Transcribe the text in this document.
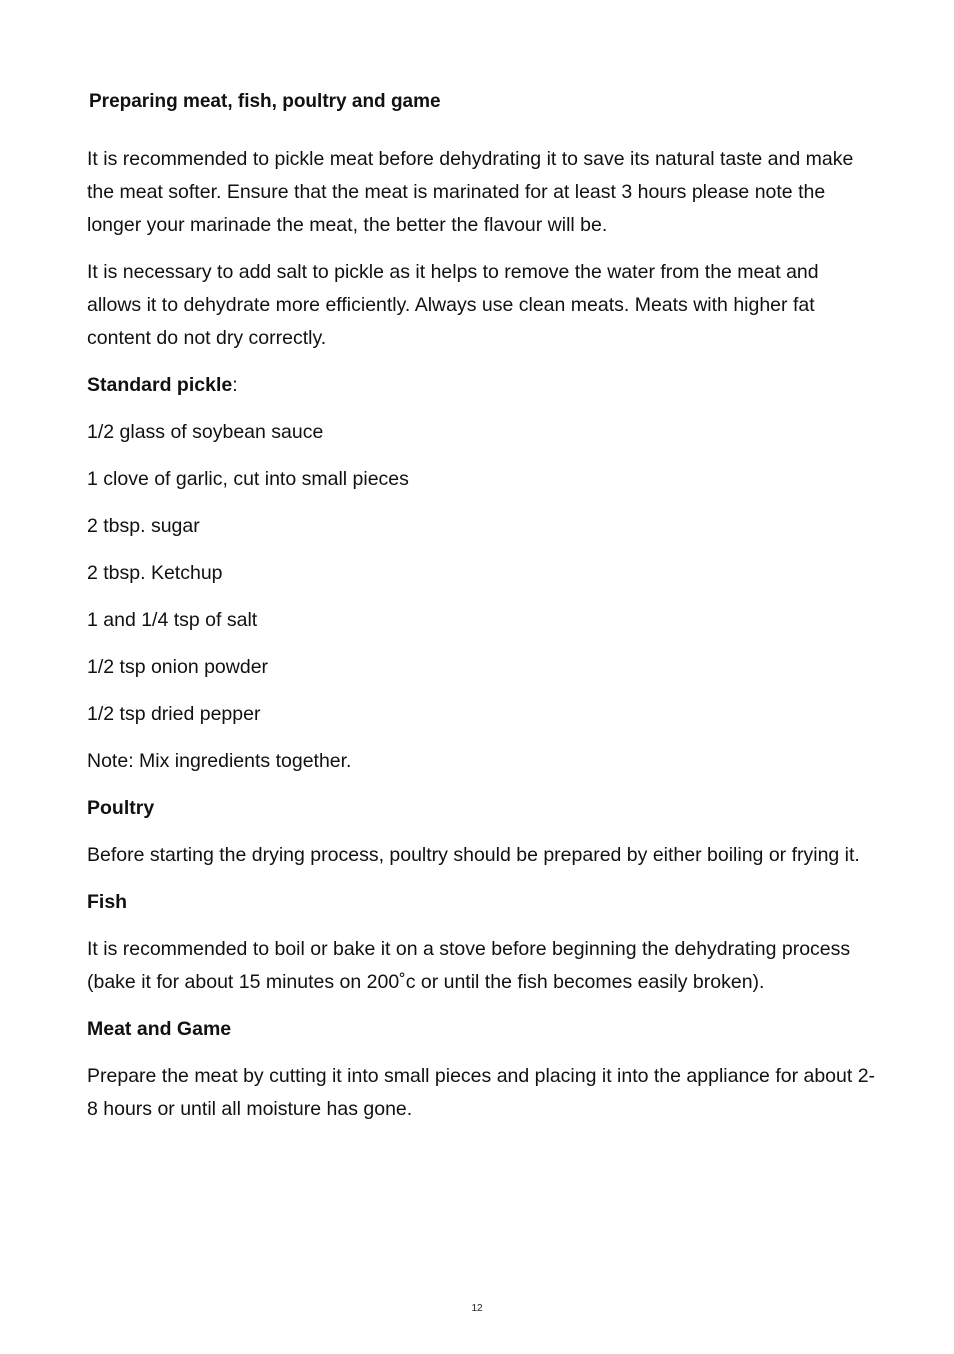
Preparing meat, fish, poultry and game

It is recommended to pickle meat before dehydrating it to save its natural taste and make the meat softer. Ensure that the meat is marinated for at least 3 hours please note the longer your marinade the meat, the better the flavour will be.

It is necessary to add salt to pickle as it helps to remove the water from the meat and allows it to dehydrate more efficiently. Always use clean meats. Meats with higher fat content do not dry correctly.

Standard pickle:

1/2 glass of soybean sauce

1 clove of garlic, cut into small pieces

2 tbsp. sugar

2 tbsp. Ketchup

1 and 1/4 tsp of salt

1/2 tsp onion powder

1/2 tsp dried pepper

Note: Mix ingredients together.

Poultry

Before starting the drying process, poultry should be prepared by either boiling or frying it.

Fish

It is recommended to boil or bake it on a stove before beginning the dehydrating process (bake it for about 15 minutes on 200˚c or until the fish becomes easily broken).

Meat and Game

Prepare the meat by cutting it into small pieces and placing it into the appliance for about 2-8 hours or until all moisture has gone.

12
